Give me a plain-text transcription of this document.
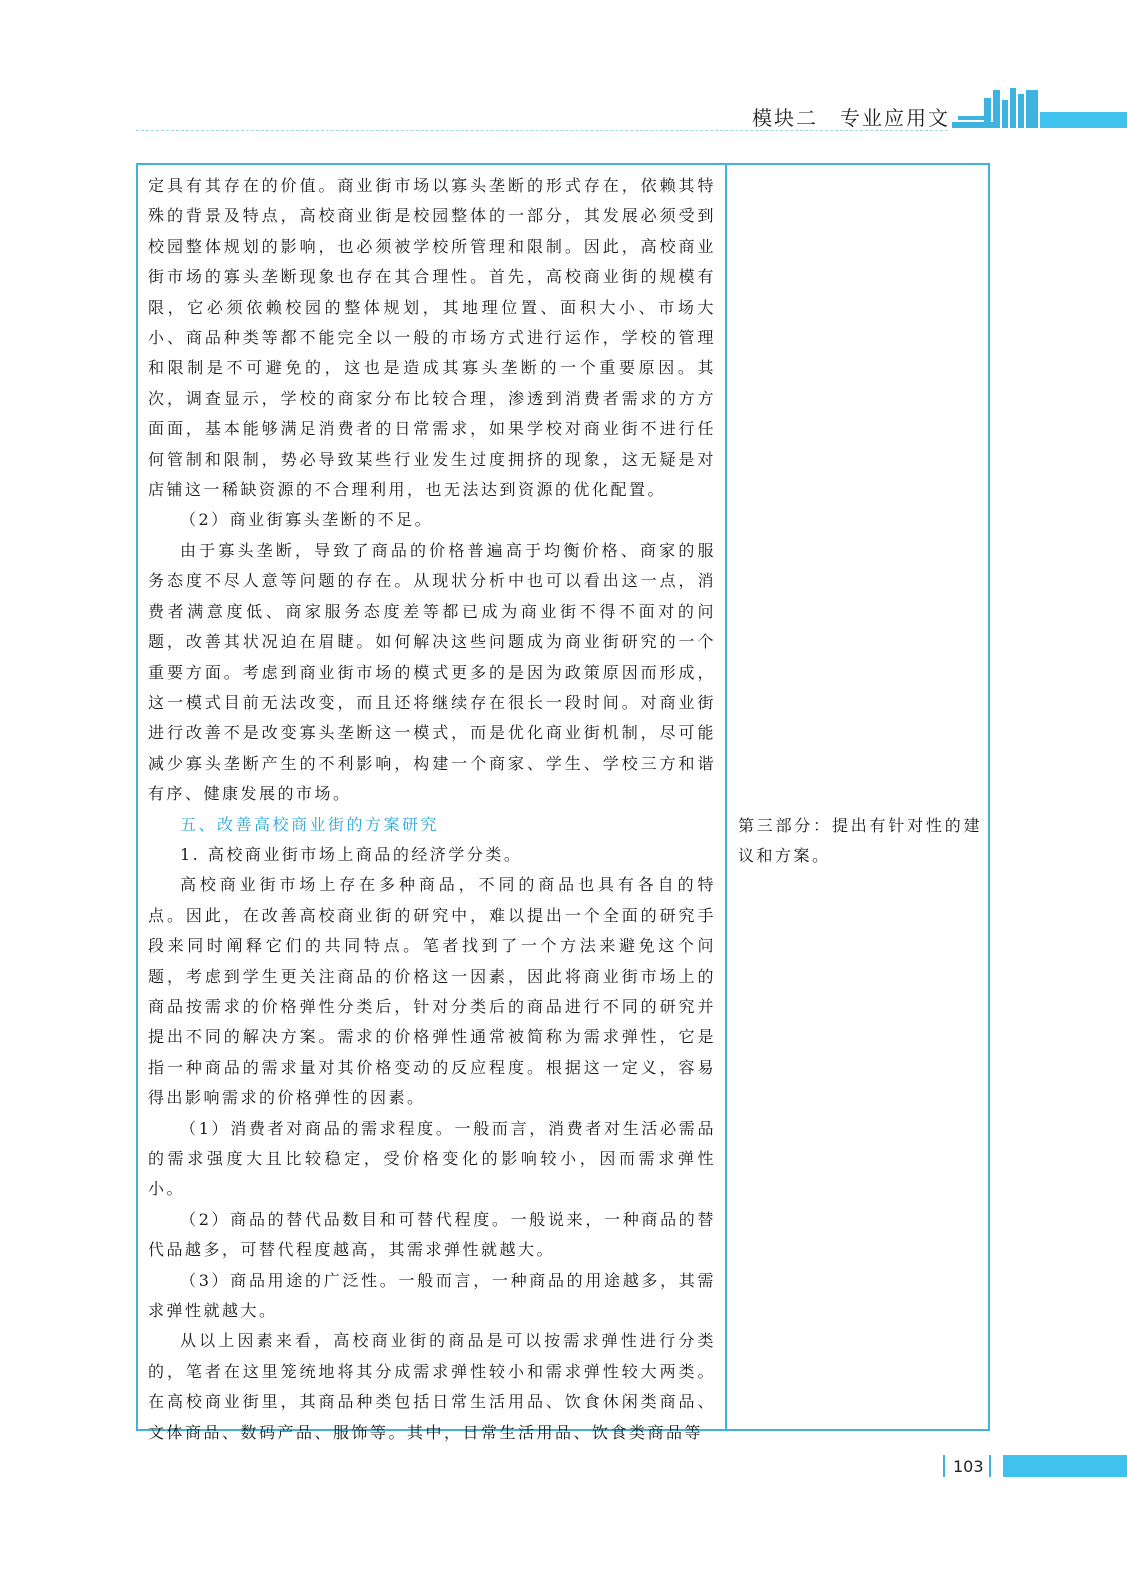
模块二　专业应用文

定具有其存在的价值。商业街市场以寡头垄断的形式存在，依赖其特殊的背景及特点，高校商业街是校园整体的一部分，其发展必须受到校园整体规划的影响，也必须被学校所管理和限制。因此，高校商业街市场的寡头垄断现象也存在其合理性。首先，高校商业街的规模有限，它必须依赖校园的整体规划，其地理位置、面积大小、市场大小、商品种类等都不能完全以一般的市场方式进行运作，学校的管理和限制是不可避免的，这也是造成其寡头垄断的一个重要原因。其次，调查显示，学校的商家分布比较合理，渗透到消费者需求的方方面面，基本能够满足消费者的日常需求，如果学校对商业街不进行任何管制和限制，势必导致某些行业发生过度拥挤的现象，这无疑是对店铺这一稀缺资源的不合理利用，也无法达到资源的优化配置。

（2）商业街寡头垄断的不足。

由于寡头垄断，导致了商品的价格普遍高于均衡价格、商家的服务态度不尽人意等问题的存在。从现状分析中也可以看出这一点，消费者满意度低、商家服务态度差等都已成为商业街不得不面对的问题，改善其状况迫在眉睫。如何解决这些问题成为商业街研究的一个重要方面。考虑到商业街市场的模式更多的是因为政策原因而形成，这一模式目前无法改变，而且还将继续存在很长一段时间。对商业街进行改善不是改变寡头垄断这一模式，而是优化商业街机制，尽可能减少寡头垄断产生的不利影响，构建一个商家、学生、学校三方和谐有序、健康发展的市场。

五、改善高校商业街的方案研究

1. 高校商业街市场上商品的经济学分类。

高校商业街市场上存在多种商品，不同的商品也具有各自的特点。因此，在改善高校商业街的研究中，难以提出一个全面的研究手段来同时阐释它们的共同特点。笔者找到了一个方法来避免这个问题，考虑到学生更关注商品的价格这一因素，因此将商业街市场上的商品按需求的价格弹性分类后，针对分类后的商品进行不同的研究并提出不同的解决方案。需求的价格弹性通常被简称为需求弹性，它是指一种商品的需求量对其价格变动的反应程度。根据这一定义，容易得出影响需求的价格弹性的因素。

（1）消费者对商品的需求程度。一般而言，消费者对生活必需品的需求强度大且比较稳定，受价格变化的影响较小，因而需求弹性小。

（2）商品的替代品数目和可替代程度。一般说来，一种商品的替代品越多，可替代程度越高，其需求弹性就越大。

（3）商品用途的广泛性。一般而言，一种商品的用途越多，其需求弹性就越大。

从以上因素来看，高校商业街的商品是可以按需求弹性进行分类的，笔者在这里笼统地将其分成需求弹性较小和需求弹性较大两类。在高校商业街里，其商品种类包括日常生活用品、饮食休闲类商品、文体商品、数码产品、服饰等。其中，日常生活用品、饮食类商品等

第三部分：提出有针对性的建议和方案。
103
